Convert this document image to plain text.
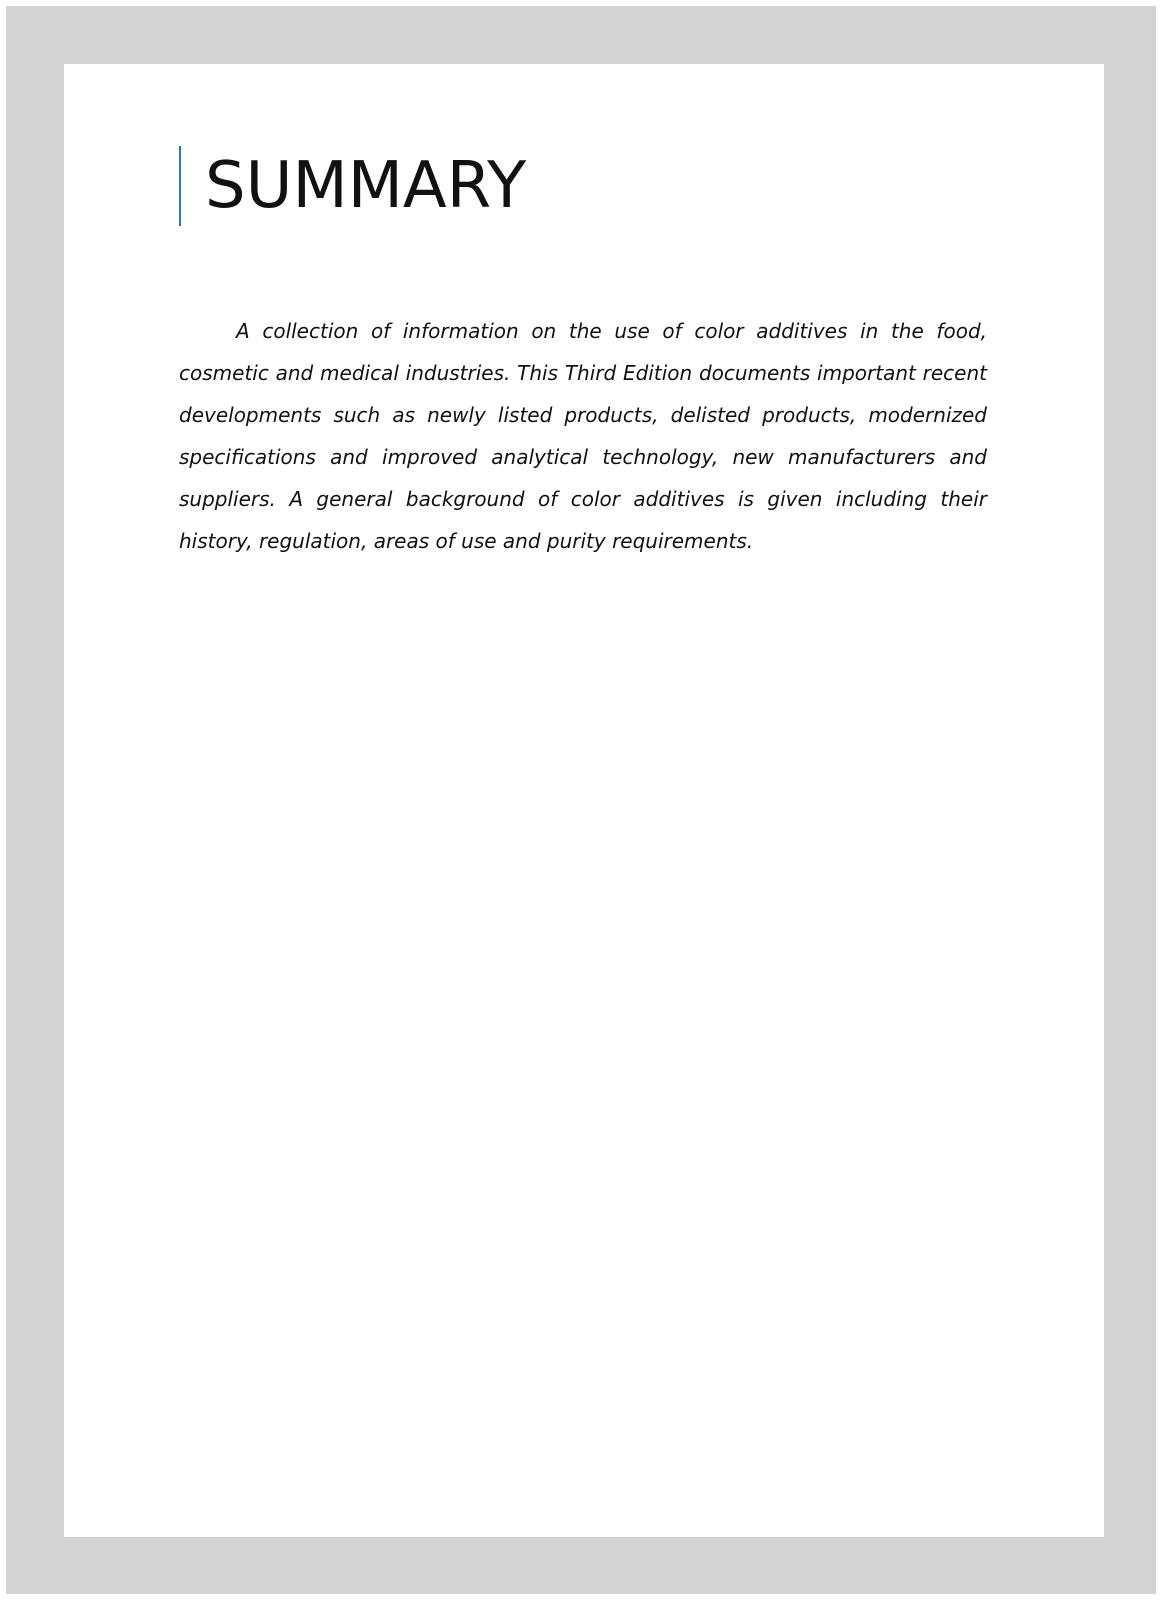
SUMMARY

A collection of information on the use of color additives in the food, cosmetic and medical industries. This Third Edition documents important recent developments such as newly listed products, delisted products, modernized specifications and improved analytical technology, new manufacturers and suppliers. A general background of color additives is given including their history, regulation, areas of use and purity requirements.
